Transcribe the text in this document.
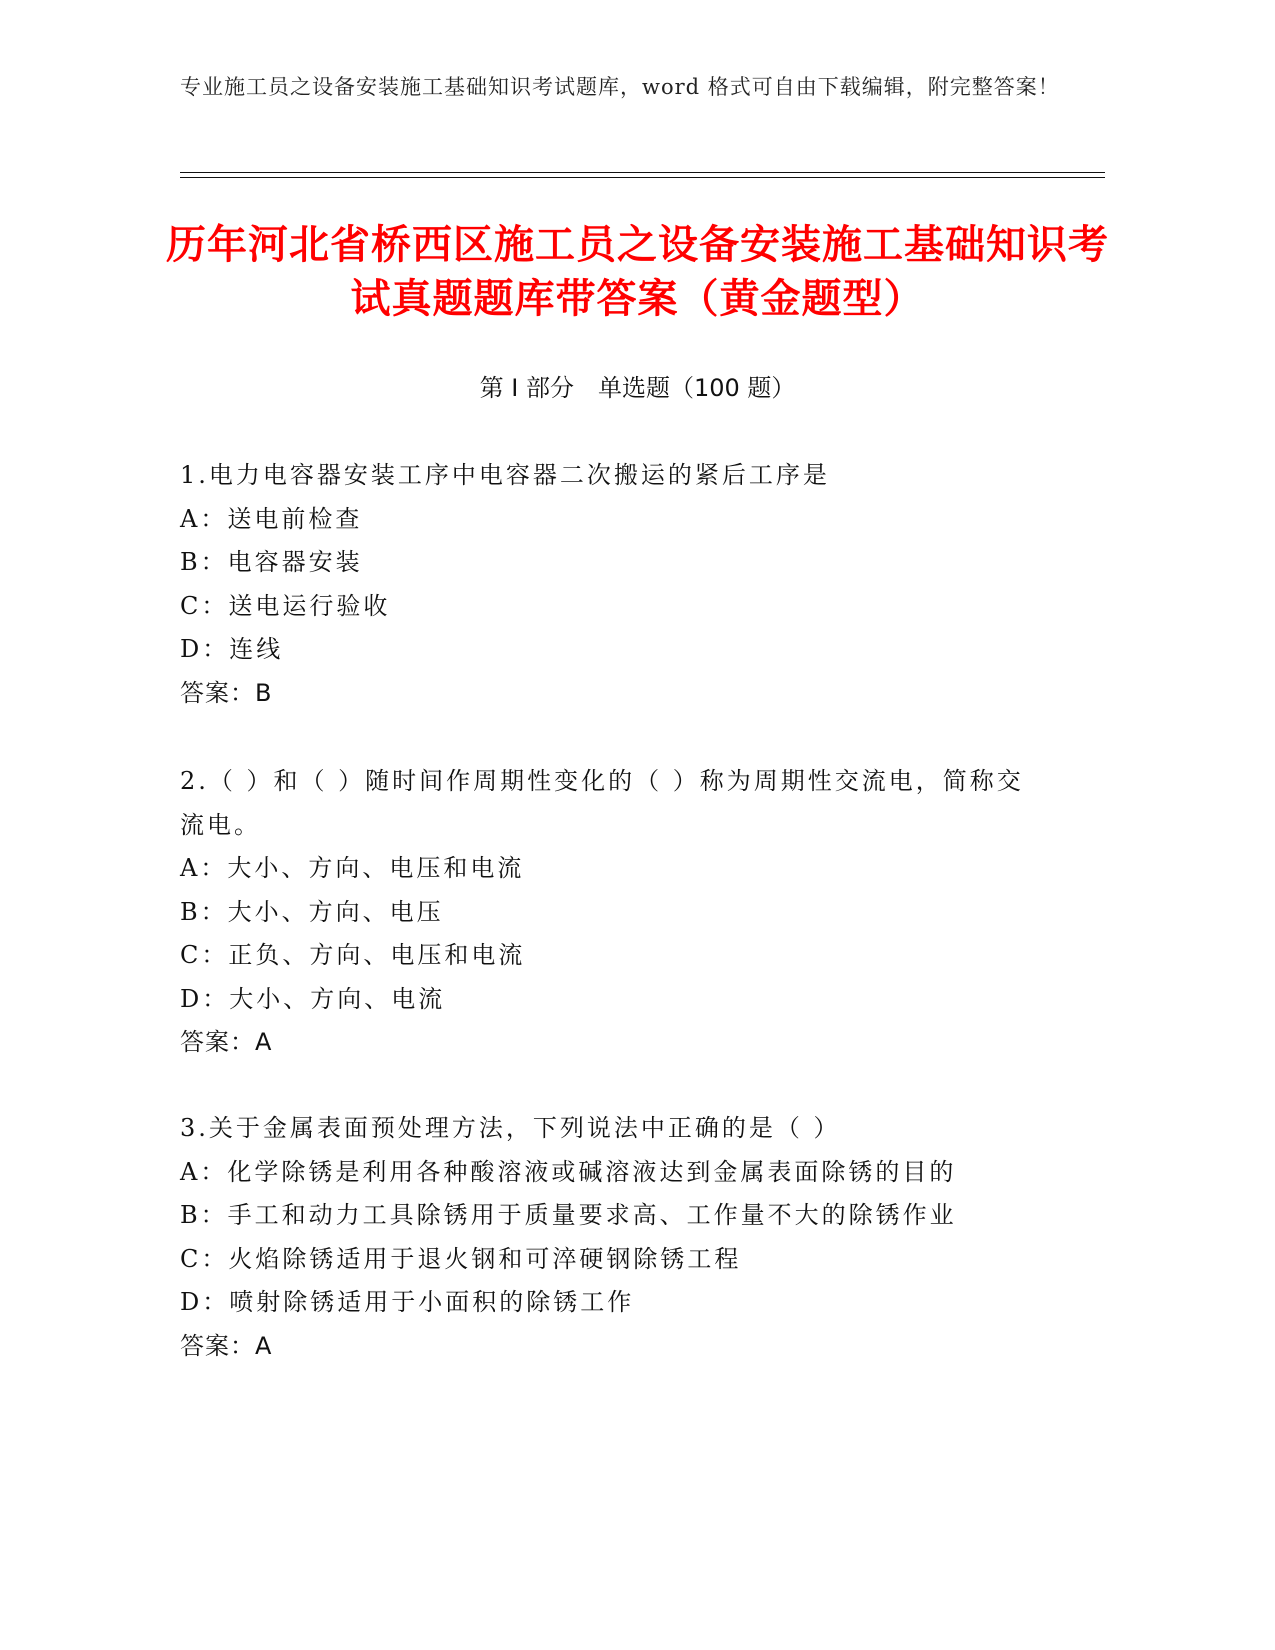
专业施工员之设备安装施工基础知识考试题库，word 格式可自由下载编辑，附完整答案！
历年河北省桥西区施工员之设备安装施工基础知识考试真题题库带答案（黄金题型）
第 I 部分　单选题（100 题）

1.电力电容器安装工序中电容器二次搬运的紧后工序是

A：送电前检查

B：电容器安装

C：送电运行验收

D：连线

答案：B

2.（ ）和（ ）随时间作周期性变化的（ ）称为周期性交流电，简称交流电。

A：大小、方向、电压和电流

B：大小、方向、电压

C：正负、方向、电压和电流

D：大小、方向、电流

答案：A

3.关于金属表面预处理方法，下列说法中正确的是（ ）

A：化学除锈是利用各种酸溶液或碱溶液达到金属表面除锈的目的

B：手工和动力工具除锈用于质量要求高、工作量不大的除锈作业

C：火焰除锈适用于退火钢和可淬硬钢除锈工程

D：喷射除锈适用于小面积的除锈工作

答案：A
